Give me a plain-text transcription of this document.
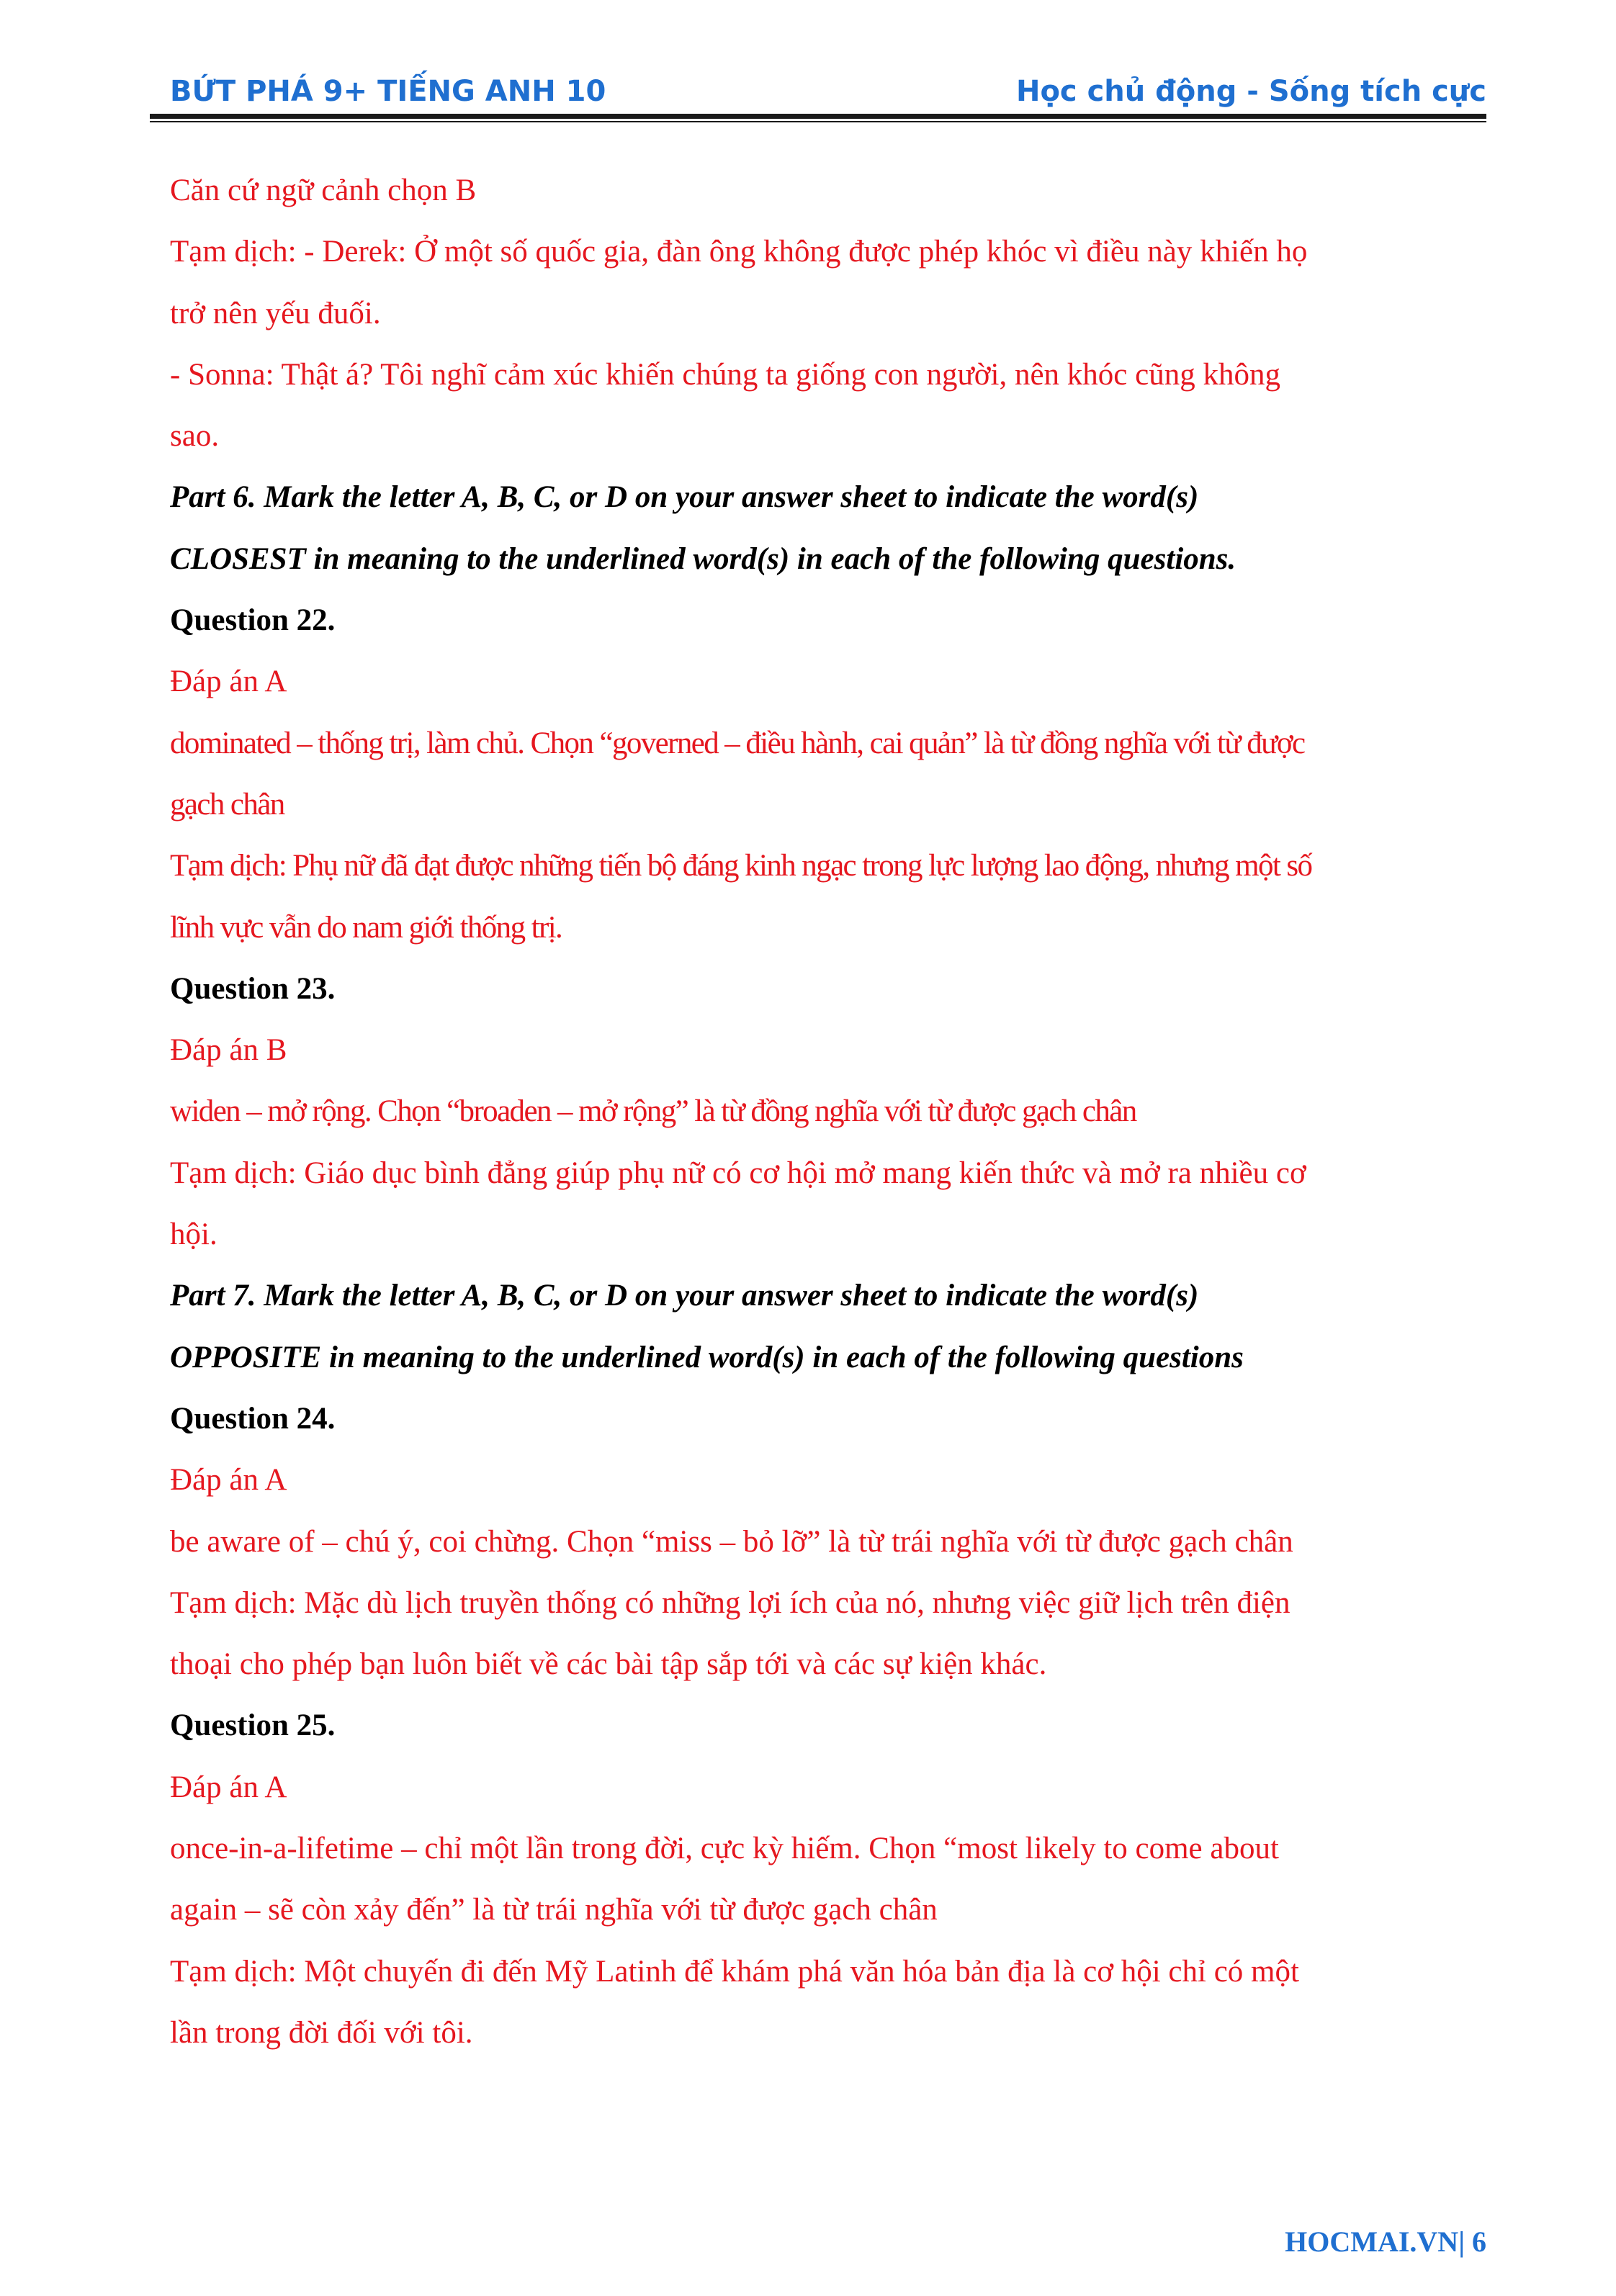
BỨT PHÁ 9+ TIẾNG ANH 10	Học chủ động - Sống tích cực
Căn cứ ngữ cảnh chọn B
Tạm dịch: - Derek: Ở một số quốc gia, đàn ông không được phép khóc vì điều này khiến họ
trở nên yếu đuối.
- Sonna: Thật á? Tôi nghĩ cảm xúc khiến chúng ta giống con người, nên khóc cũng không
sao.
Part 6. Mark the letter A, B, C, or D on your answer sheet to indicate the word(s)
CLOSEST in meaning to the underlined word(s) in each of the following questions.
Question 22.
Đáp án A
dominated – thống trị, làm chủ. Chọn “governed – điều hành, cai quản” là từ đồng nghĩa với từ được
gạch chân
Tạm dịch: Phụ nữ đã đạt được những tiến bộ đáng kinh ngạc trong lực lượng lao động, nhưng một số
lĩnh vực vẫn do nam giới thống trị.
Question 23.
Đáp án B
widen – mở rộng. Chọn “broaden – mở rộng” là từ đồng nghĩa với từ được gạch chân
Tạm dịch: Giáo dục bình đẳng giúp phụ nữ có cơ hội mở mang kiến thức và mở ra nhiều cơ
hội.
Part 7. Mark the letter A, B, C, or D on your answer sheet to indicate the word(s)
OPPOSITE in meaning to the underlined word(s) in each of the following questions
Question 24.
Đáp án A
be aware of – chú ý, coi chừng. Chọn “miss – bỏ lỡ” là từ trái nghĩa với từ được gạch chân
Tạm dịch: Mặc dù lịch truyền thống có những lợi ích của nó, nhưng việc giữ lịch trên điện
thoại cho phép bạn luôn biết về các bài tập sắp tới và các sự kiện khác.
Question 25.
Đáp án A
once-in-a-lifetime – chỉ một lần trong đời, cực kỳ hiếm. Chọn “most likely to come about
again – sẽ còn xảy đến” là từ trái nghĩa với từ được gạch chân
Tạm dịch: Một chuyến đi đến Mỹ Latinh để khám phá văn hóa bản địa là cơ hội chỉ có một
lần trong đời đối với tôi.
HOCMAI.VN| 6
